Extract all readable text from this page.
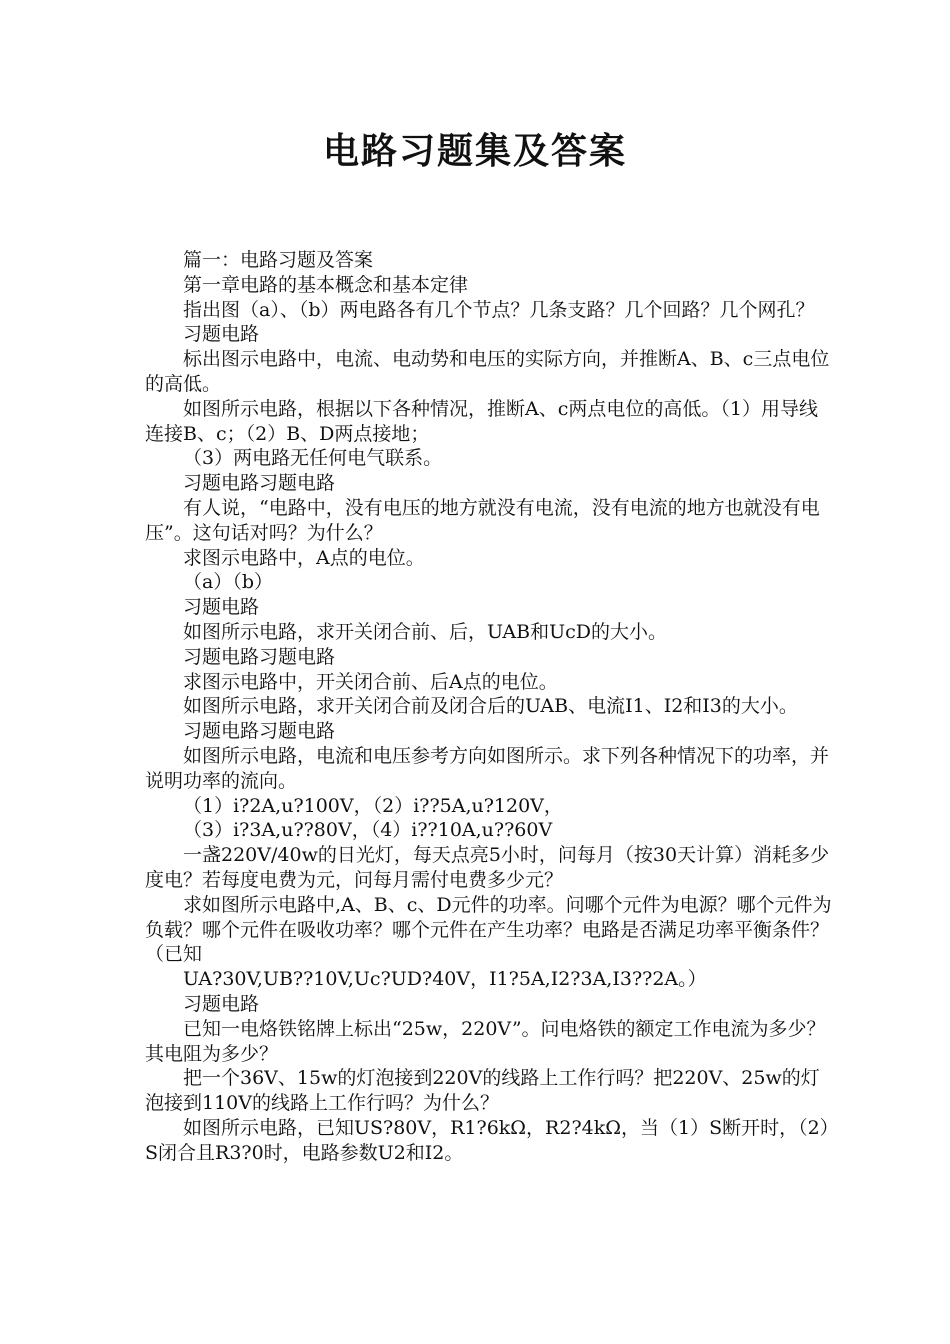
电路习题集及答案

篇一：电路习题及答案

第一章电路的基本概念和基本定律

指出图（a）、（b）两电路各有几个节点？几条支路？几个回路？几个网孔？

习题电路

标出图示电路中，电流、电动势和电压的实际方向，并推断A、B、c三点电位的高低。

如图所示电路，根据以下各种情况，推断A、c两点电位的高低。（1）用导线连接B、c；（2）B、D两点接地；

（3）两电路无任何电气联系。

习题电路习题电路

有人说，“电路中，没有电压的地方就没有电流，没有电流的地方也就没有电压”。这句话对吗？为什么？

求图示电路中，A点的电位。

（a）（b）

习题电路

如图所示电路，求开关闭合前、后，UAB和UcD的大小。

习题电路习题电路

求图示电路中，开关闭合前、后A点的电位。

如图所示电路，求开关闭合前及闭合后的UAB、电流I1、I2和I3的大小。

习题电路习题电路

如图所示电路，电流和电压参考方向如图所示。求下列各种情况下的功率，并说明功率的流向。

（1）i?2A,u?100V，（2）i??5A,u?120V，

（3）i?3A,u??80V，（4）i??10A,u??60V

一盏220V/40w的日光灯，每天点亮5小时，问每月（按30天计算）消耗多少度电？若每度电费为元，问每月需付电费多少元？

求如图所示电路中,A、B、c、D元件的功率。问哪个元件为电源？哪个元件为负载？哪个元件在吸收功率？哪个元件在产生功率？电路是否满足功率平衡条件？（已知

UA?30V,UB??10V,Uc?UD?40V，I1?5A,I2?3A,I3??2A。）

习题电路

已知一电烙铁铭牌上标出“25w，220V”。问电烙铁的额定工作电流为多少？其电阻为多少？

把一个36V、15w的灯泡接到220V的线路上工作行吗？把220V、25w的灯泡接到110V的线路上工作行吗？为什么？

如图所示电路，已知US?80V，R1?6kΩ，R2?4kΩ，当（1）S断开时，（2）S闭合且R3?0时，电路参数U2和I2。
